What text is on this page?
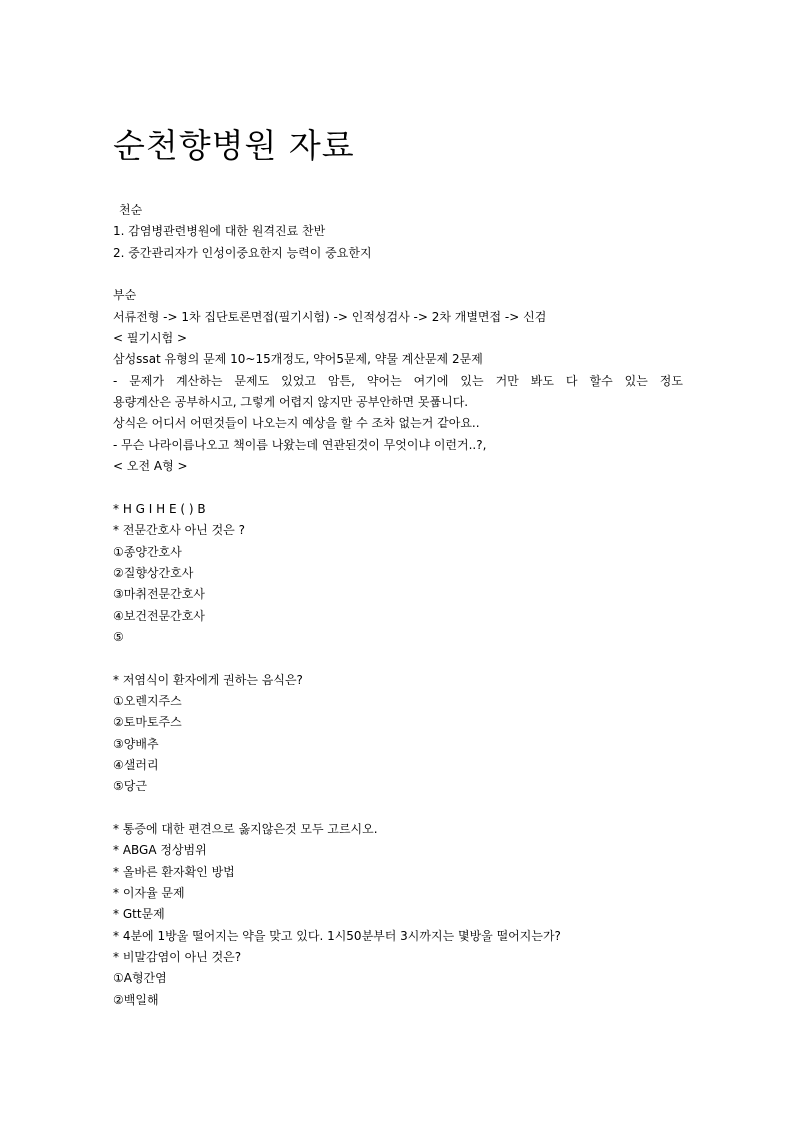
순천향병원 자료
천순
1. 감염병관련병원에 대한 원격진료 찬반
2. 중간관리자가 인성이중요한지 능력이 중요한지
부순
서류전형 -> 1차 집단토론면접(필기시험) -> 인적성검사 -> 2차 개별면접 -> 신검
< 필기시험 >
삼성ssat 유형의 문제 10~15개정도, 약어5문제, 약물 계산문제 2문제
- 문제가 계산하는 문제도 있었고 암튼, 약어는 여기에 있는 거만 봐도 다 할수 있는 정도
용량계산은 공부하시고, 그렇게 어렵지 않지만 공부안하면 못풉니다.
상식은 어디서 어떤것들이 나오는지 예상을 할 수 조차 없는거 같아요..
- 무슨 나라이름나오고 책이름 나왔는데 연관된것이 무엇이냐 이런거..?,
< 오전 A형 >
* H G I H E ( ) B
* 전문간호사 아닌 것은 ?
①종양간호사
②질향상간호사
③마취전문간호사
④보건전문간호사
⑤
* 저염식이 환자에게 권하는 음식은?
①오렌지주스
②토마토주스
③양배추
④샐러리
⑤당근
* 통증에 대한 편견으로 옳지않은것 모두 고르시오.
* ABGA 정상범위
* 올바른 환자확인 방법
* 이자율 문제
* Gtt문제
* 4분에 1방울 떨어지는 약을 맞고 있다. 1시50분부터 3시까지는 몇방울 떨어지는가?
* 비말감염이 아닌 것은?
①A형간염
②백일해
